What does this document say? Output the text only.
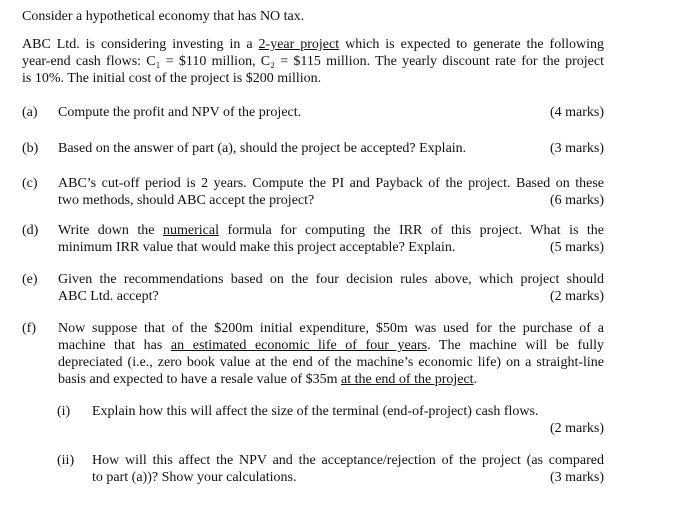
Consider a hypothetical economy that has NO tax.
ABC Ltd. is considering investing in a 2-year project which is expected to generate the following
year-end cash flows: C₁ = $110 million, C₂ = $115 million. The yearly discount rate for the project
is 10%. The initial cost of the project is $200 million.
(a) Compute the profit and NPV of the project.	(4 marks)
(b) Based on the answer of part (a), should the project be accepted? Explain.	(3 marks)
(c) ABC’s cut-off period is 2 years. Compute the PI and Payback of the project. Based on these
two methods, should ABC accept the project?	(6 marks)
(d) Write down the numerical formula for computing the IRR of this project. What is the
minimum IRR value that would make this project acceptable? Explain.	(5 marks)
(e) Given the recommendations based on the four decision rules above, which project should
ABC Ltd. accept?	(2 marks)
(f) Now suppose that of the $200m initial expenditure, $50m was used for the purchase of a
machine that has an estimated economic life of four years. The machine will be fully
depreciated (i.e., zero book value at the end of the machine’s economic life) on a straight-line
basis and expected to have a resale value of $35m at the end of the project.
(i) Explain how this will affect the size of the terminal (end-of-project) cash flows.
(2 marks)
(ii) How will this affect the NPV and the acceptance/rejection of the project (as compared
to part (a))? Show your calculations.	(3 marks)
